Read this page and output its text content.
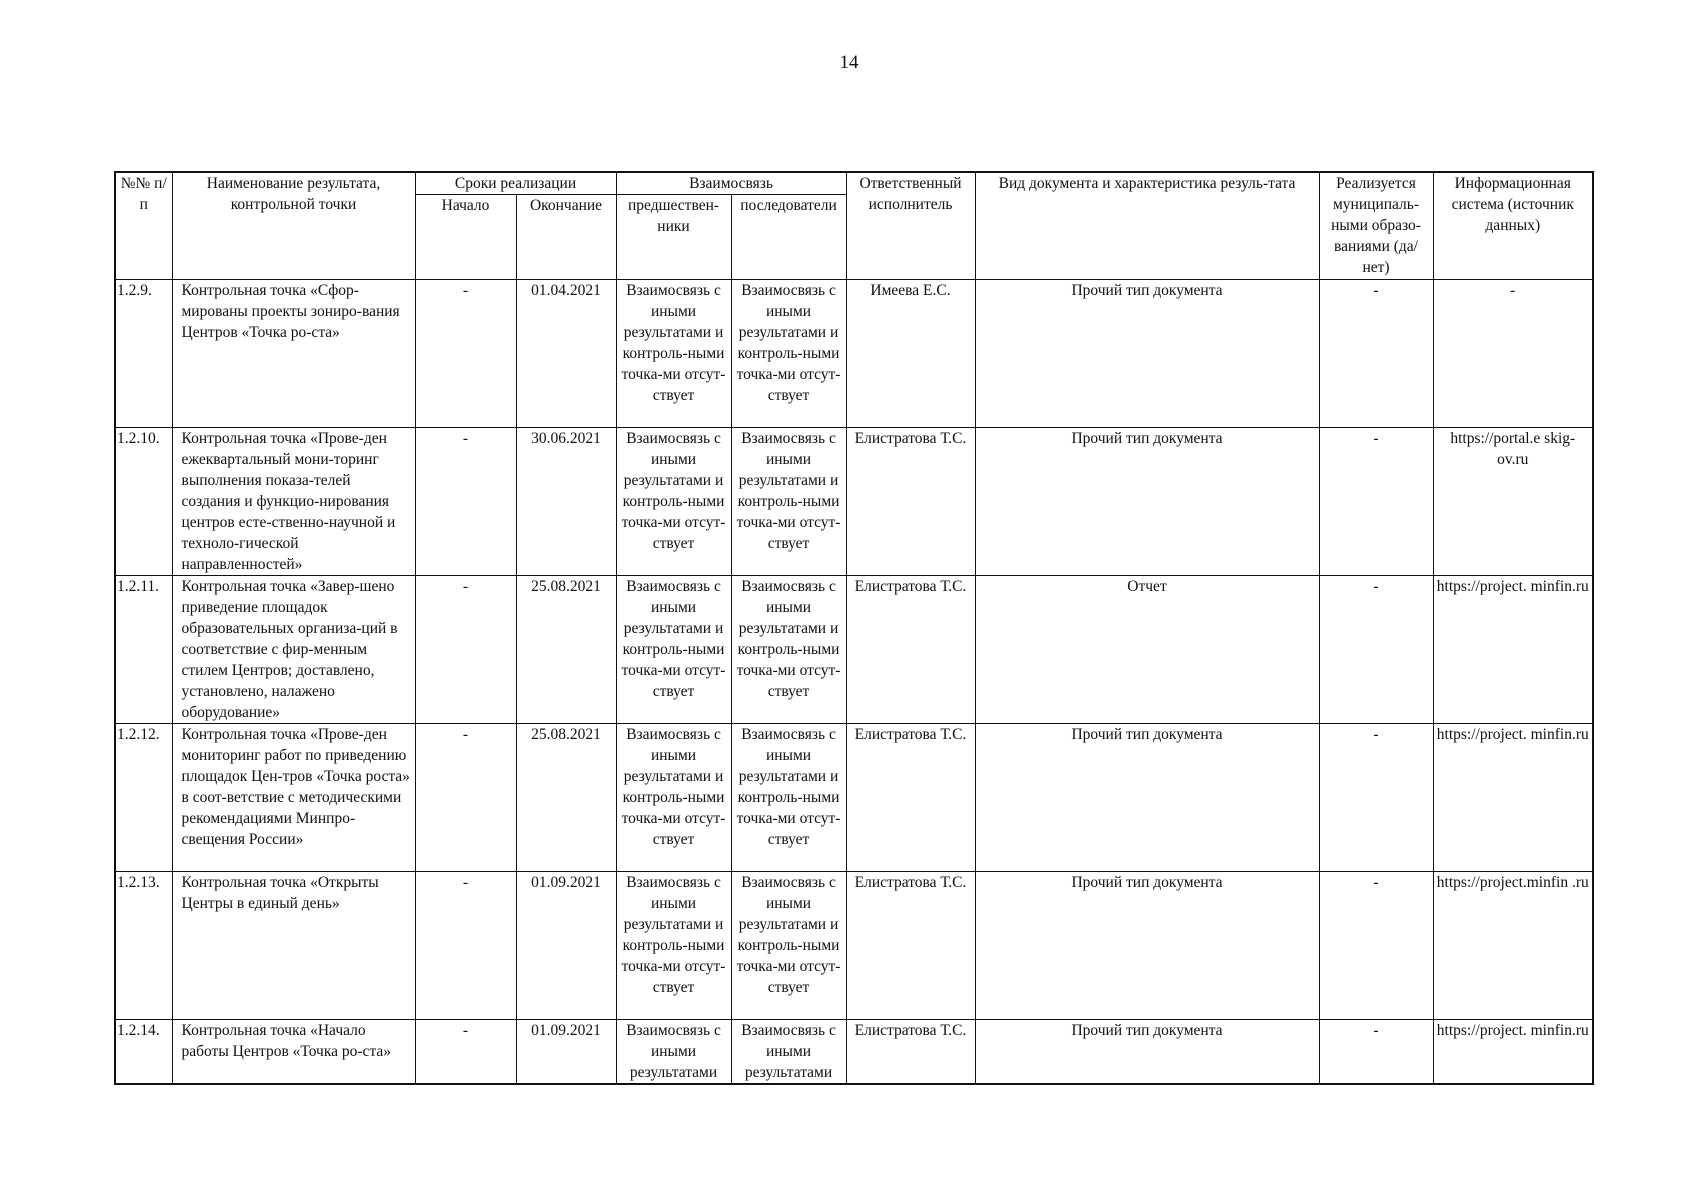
14
№№ п/п	Наименование результата, контрольной точки	Сроки реализации		Взаимосвязь		Ответственный исполнитель	Вид документа и характеристика резуль-тата	Реализуется муниципаль-ными образо-ваниями (да/нет)	Информационная система (источник данных)
		Начало	Окончание	предшествен-ники	последователи				
1.2.9.	Контрольная точка «Сфор-мированы проекты зониро-вания Центров «Точка ро-ста»	-	01.04.2021	Взаимосвязь с иными результатами и контроль-ными точка-ми отсут-ствует	Взаимосвязь с иными результатами и контроль-ными точка-ми отсут-ствует	Имеева Е.С.	Прочий тип документа	-	-
1.2.10.	Контрольная точка «Прове-ден ежеквартальный мони-торинг выполнения показа-телей создания и функцио-нирования центров есте-ственно-научной и техноло-гической направленностей»	-	30.06.2021	Взаимосвязь с иными результатами и контроль-ными точка-ми отсут-ствует	Взаимосвязь с иными результатами и контроль-ными точка-ми отсут-ствует	Елистратова Т.С.	Прочий тип документа	-	https://portal.e skig-ov.ru
1.2.11.	Контрольная точка «Завер-шено приведение площадок образовательных организа-ций в соответствие с фир-менным стилем Центров; доставлено, установлено, налажено оборудование»	-	25.08.2021	Взаимосвязь с иными результатами и контроль-ными точка-ми отсут-ствует	Взаимосвязь с иными результатами и контроль-ными точка-ми отсут-ствует	Елистратова Т.С.	Отчет	-	https://project. minfin.ru
1.2.12.	Контрольная точка «Прове-ден мониторинг работ по приведению площадок Цен-тров «Точка роста» в соот-ветствие с методическими рекомендациями Минпро-свещения России»	-	25.08.2021	Взаимосвязь с иными результатами и контроль-ными точка-ми отсут-ствует	Взаимосвязь с иными результатами и контроль-ными точка-ми отсут-ствует	Елистратова Т.С.	Прочий тип документа	-	https://project. minfin.ru
1.2.13.	Контрольная точка «Открыты Центры в единый день»	-	01.09.2021	Взаимосвязь с иными результатами и контроль-ными точка-ми отсут-ствует	Взаимосвязь с иными результатами и контроль-ными точка-ми отсут-ствует	Елистратова Т.С.	Прочий тип документа	-	https://project.minfin .ru
1.2.14.	Контрольная точка «Начало работы Центров «Точка ро-ста»	-	01.09.2021	Взаимосвязь с иными результатами	Взаимосвязь с иными результатами	Елистратова Т.С.	Прочий тип документа	-	https://project. minfin.ru
